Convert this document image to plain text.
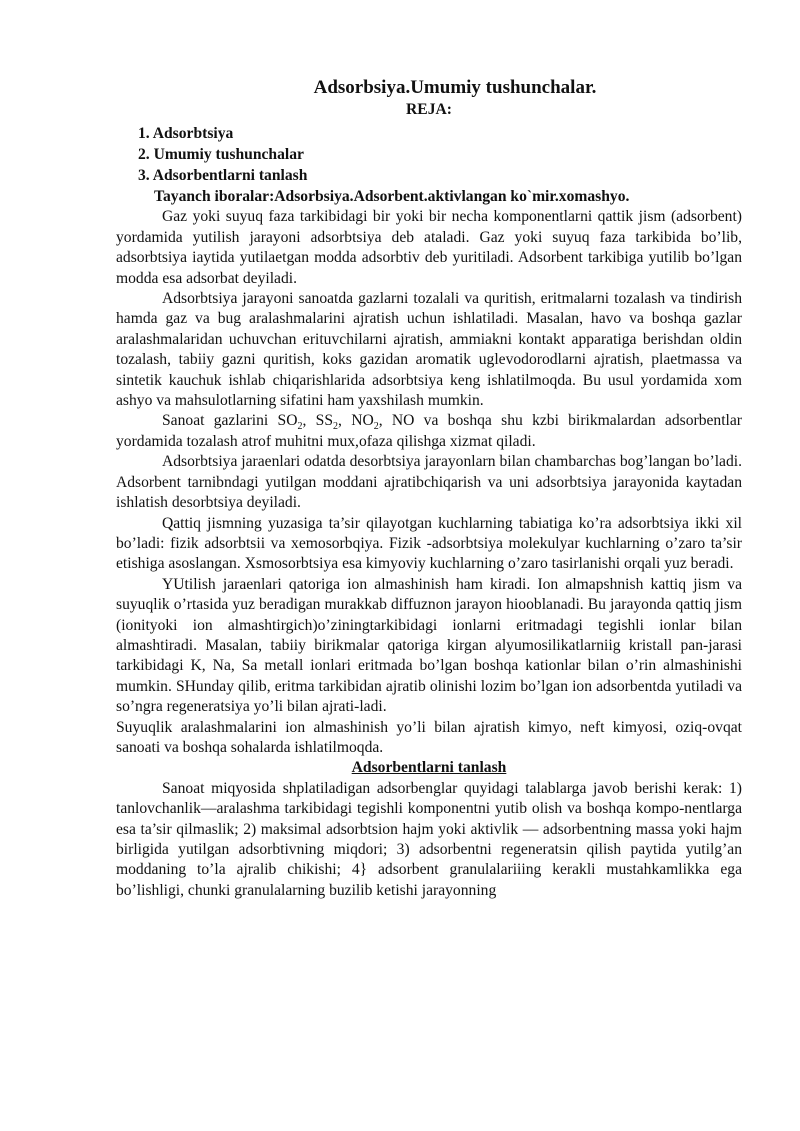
Adsorbsiya.Umumiy tushunchalar.
REJA:
1. Adsorbtsiya
2. Umumiy tushunchalar
3. Adsorbentlarni tanlash
Tayanch iboralar:Adsorbsiya.Adsorbent.aktivlangan ko`mir.xomashyo.

Gaz yoki suyuq faza tarkibidagi bir yoki bir necha komponentlarni qattik jism (adsorbent) yordamida yutilish jarayoni adsorbtsiya deb ataladi. Gaz yoki suyuq faza tarkibida bo’lib, adsorbtsiya iaytida yutilaetgan modda adsorbtiv deb yuritiladi. Adsorbent tarkibiga yutilib bo’lgan modda esa adsorbat deyiladi.

Adsorbtsiya jarayoni sanoatda gazlarni tozalali va quritish, eritmalarni tozalash va tindirish hamda gaz va bug aralashmalarini ajratish uchun ishlatiladi. Masalan, havo va boshqa gazlar aralashmalaridan uchuvchan erituvchilarni ajratish, ammiakni kontakt apparatiga berishdan oldin tozalash, tabiiy gazni quritish, koks gazidan aromatik uglevodorodlarni ajratish, plaetmassa va sintetik kauchuk ishlab chiqarishlarida adsorbtsiya keng ishlatilmoqda. Bu usul yordamida xom ashyo va mahsulotlarning sifatini ham yaxshilash mumkin.

Sanoat gazlarini $SO_2$, $SS_2$, $NO_2$, NO va boshqa shu kzbi birikmalardan adsorbentlar yordamida tozalash atrof muhitni mux,ofaza qilishga xizmat qiladi.

Adsorbtsiya jaraenlari odatda desorbtsiya jarayonlarn bilan chambarchas bog’langan bo’ladi. Adsorbent tarnibndagi yutilgan moddani ajratibchiqarish va uni adsorbtsiya jarayonida kaytadan ishlatish desorbtsiya deyiladi.

Qattiq jismning yuzasiga ta’sir qilayotgan kuchlarning tabiatiga ko’ra adsorbtsiya ikki xil bo’ladi: fizik adsorbtsii va xemosorbqiya. Fizik -adsorbtsiya molekulyar kuchlarning o’zaro ta’sir etishiga asoslangan. Xsmosorbtsiya esa kimyoviy kuchlarning o’zaro tasirlanishi orqali yuz beradi.

YUtilish jaraenlari qatoriga ion almashinish ham kiradi. Ion almapshnish kattiq jism va suyuqlik o’rtasida yuz beradigan murakkab diffuznon jarayon hiooblanadi. Bu jarayonda qattiq jism (ionityoki ion almashtirgich)o’ziningtarkibidagi ionlarni eritmadagi tegishli ionlar bilan almashtiradi. Masalan, tabiiy birikmalar qatoriga kirgan alyumosilikatlarniig kristall pan-jarasi tarkibidagi K, Na, Sa metall ionlari eritmada bo’lgan boshqa kationlar bilan o’rin almashinishi mumkin. SHunday qilib, eritma tarkibidan ajratib olinishi lozim bo’lgan ion adsorbentda yutiladi va so’ngra regeneratsiya yo’li bilan ajrati-ladi.

Suyuqlik aralashmalarini ion almashinish yo’li bilan ajratish kimyo, neft kimyosi, oziq-ovqat sanoati va boshqa sohalarda ishlatilmoqda.

Adsorbentlarni tanlash

Sanoat miqyosida shplatiladigan adsorbenglar quyidagi talablarga javob berishi kerak: 1) tanlovchanlik—aralashma tarkibidagi tegishli komponentni yutib olish va boshqa kompo-nentlarga esa ta’sir qilmaslik; 2) maksimal adsorbtsion hajm yoki aktivlik — adsorbentning massa yoki hajm birligida yutilgan adsorbtivning miqdori; 3) adsorbentni regeneratsin qilish paytida yutilg’an moddaning to’la ajralib chikishi; 4} adsorbent granulalariiing kerakli mustahkamlikka ega bo’lishligi, chunki granulalarning buzilib ketishi jarayonning
